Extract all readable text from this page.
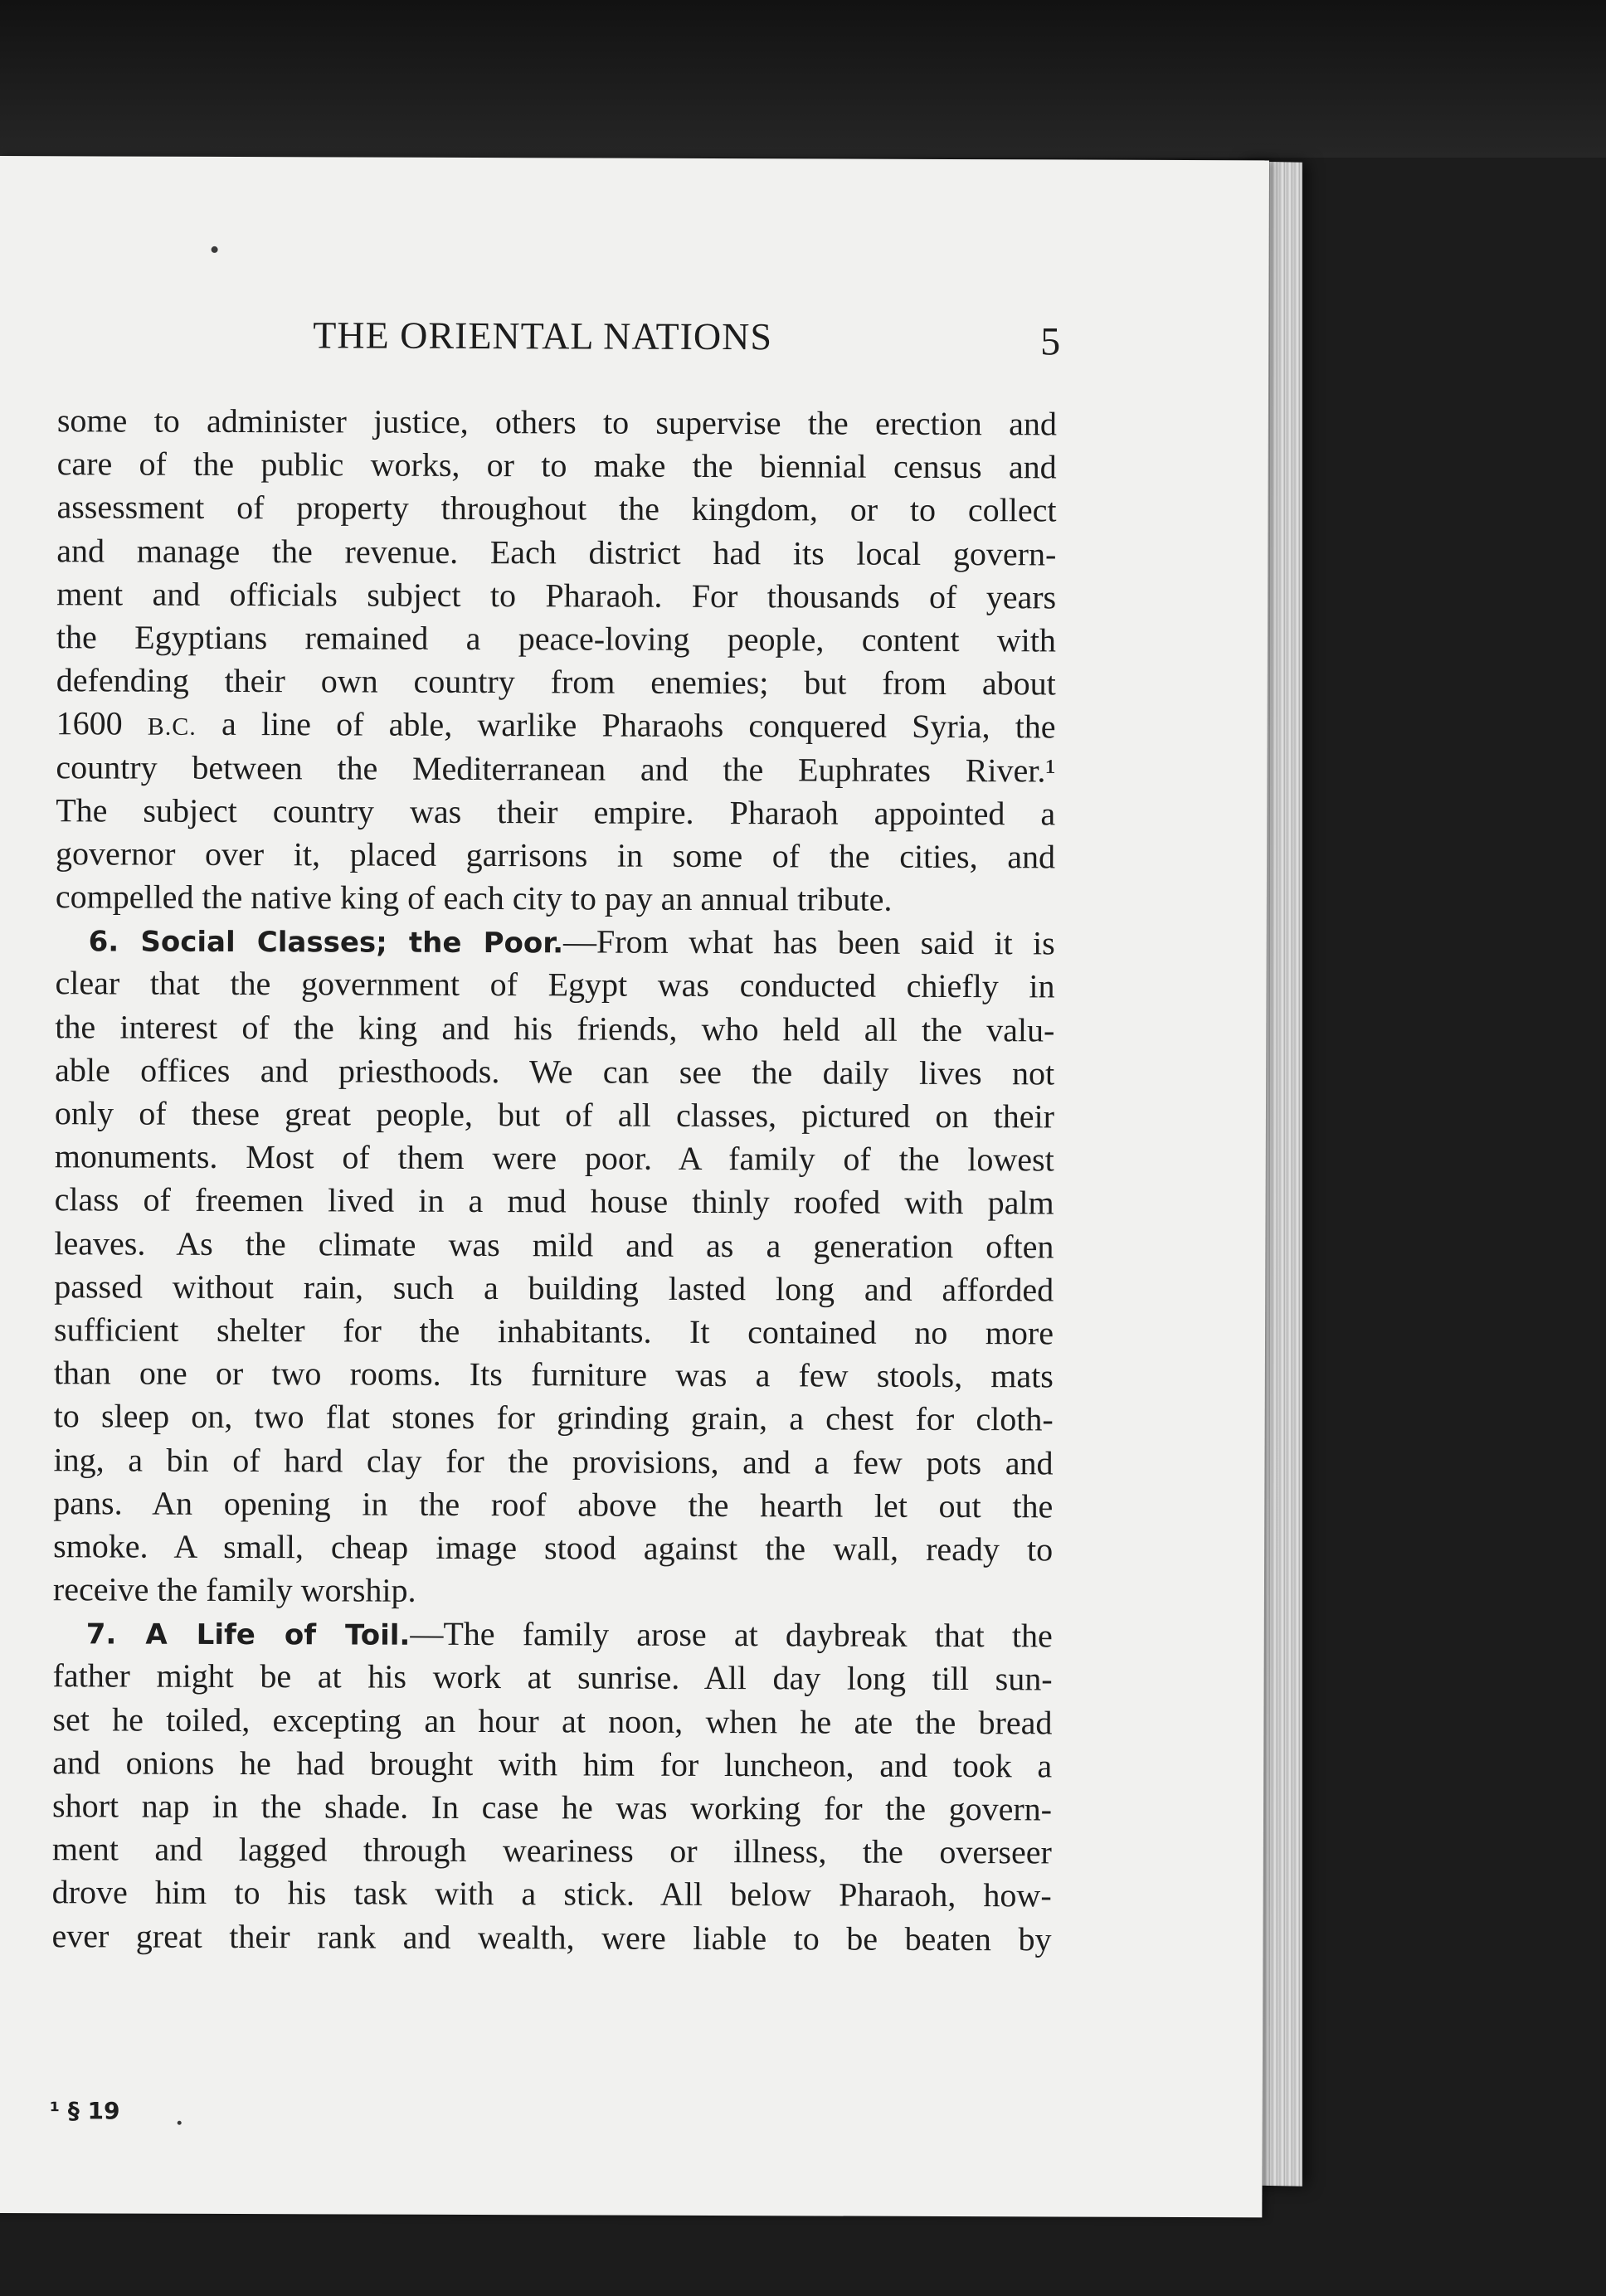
THE ORIENTAL NATIONS	5
some to administer justice, others to supervise the erection and
care of the public works, or to make the biennial census and
assessment of property throughout the kingdom, or to collect
and manage the revenue. Each district had its local govern-
ment and officials subject to Pharaoh. For thousands of years
the Egyptians remained a peace-loving people, content with
defending their own country from enemies; but from about
1600 B.C. a line of able, warlike Pharaohs conquered Syria, the
country between the Mediterranean and the Euphrates River.¹
The subject country was their empire. Pharaoh appointed a
governor over it, placed garrisons in some of the cities, and
compelled the native king of each city to pay an annual tribute.
6. Social Classes; the Poor.—From what has been said it is
clear that the government of Egypt was conducted chiefly in
the interest of the king and his friends, who held all the valu-
able offices and priesthoods. We can see the daily lives not
only of these great people, but of all classes, pictured on their
monuments. Most of them were poor. A family of the lowest
class of freemen lived in a mud house thinly roofed with palm
leaves. As the climate was mild and as a generation often
passed without rain, such a building lasted long and afforded
sufficient shelter for the inhabitants. It contained no more
than one or two rooms. Its furniture was a few stools, mats
to sleep on, two flat stones for grinding grain, a chest for cloth-
ing, a bin of hard clay for the provisions, and a few pots and
pans. An opening in the roof above the hearth let out the
smoke. A small, cheap image stood against the wall, ready to
receive the family worship.
7. A Life of Toil.—The family arose at daybreak that the
father might be at his work at sunrise. All day long till sun-
set he toiled, excepting an hour at noon, when he ate the bread
and onions he had brought with him for luncheon, and took a
short nap in the shade. In case he was working for the govern-
ment and lagged through weariness or illness, the overseer
drove him to his task with a stick. All below Pharaoh, how-
ever great their rank and wealth, were liable to be beaten by
¹ § 19
